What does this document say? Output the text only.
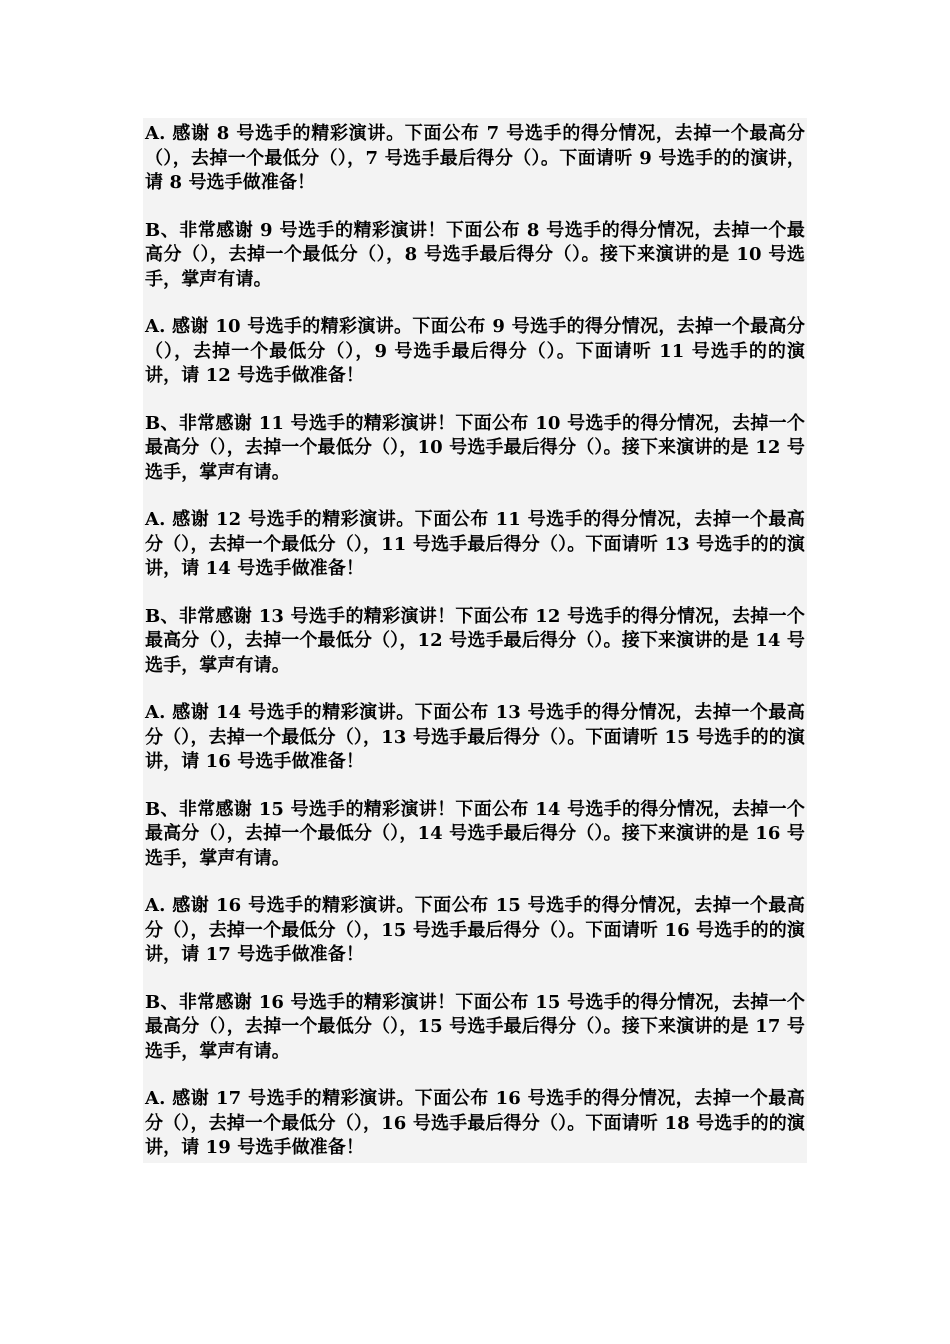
A. 感谢 8 号选手的精彩演讲。下面公布 7 号选手的得分情况，去掉一个最高分（），去掉一个最低分（），7 号选手最后得分（）。下面请听 9 号选手的的演讲，请 8 号选手做准备！

B、非常感谢 9 号选手的精彩演讲！下面公布 8 号选手的得分情况，去掉一个最高分（），去掉一个最低分（），8 号选手最后得分（）。接下来演讲的是 10 号选手，掌声有请。

A. 感谢 10 号选手的精彩演讲。下面公布 9 号选手的得分情况，去掉一个最高分（），去掉一个最低分（），9 号选手最后得分（）。下面请听 11 号选手的的演讲，请 12 号选手做准备！

B、非常感谢 11 号选手的精彩演讲！下面公布 10 号选手的得分情况，去掉一个最高分（），去掉一个最低分（），10 号选手最后得分（）。接下来演讲的是 12 号选手，掌声有请。

A. 感谢 12 号选手的精彩演讲。下面公布 11 号选手的得分情况，去掉一个最高分（），去掉一个最低分（），11 号选手最后得分（）。下面请听 13 号选手的的演讲，请 14 号选手做准备！

B、非常感谢 13 号选手的精彩演讲！下面公布 12 号选手的得分情况，去掉一个最高分（），去掉一个最低分（），12 号选手最后得分（）。接下来演讲的是 14 号选手，掌声有请。

A. 感谢 14 号选手的精彩演讲。下面公布 13 号选手的得分情况，去掉一个最高分（），去掉一个最低分（），13 号选手最后得分（）。下面请听 15 号选手的的演讲，请 16 号选手做准备！

B、非常感谢 15 号选手的精彩演讲！下面公布 14 号选手的得分情况，去掉一个最高分（），去掉一个最低分（），14 号选手最后得分（）。接下来演讲的是 16 号选手，掌声有请。

A. 感谢 16 号选手的精彩演讲。下面公布 15 号选手的得分情况，去掉一个最高分（），去掉一个最低分（），15 号选手最后得分（）。下面请听 16 号选手的的演讲，请 17 号选手做准备！

B、非常感谢 16 号选手的精彩演讲！下面公布 15 号选手的得分情况，去掉一个最高分（），去掉一个最低分（），15 号选手最后得分（）。接下来演讲的是 17 号选手，掌声有请。

A. 感谢 17 号选手的精彩演讲。下面公布 16 号选手的得分情况，去掉一个最高分（），去掉一个最低分（），16 号选手最后得分（）。下面请听 18 号选手的的演讲，请 19 号选手做准备！
